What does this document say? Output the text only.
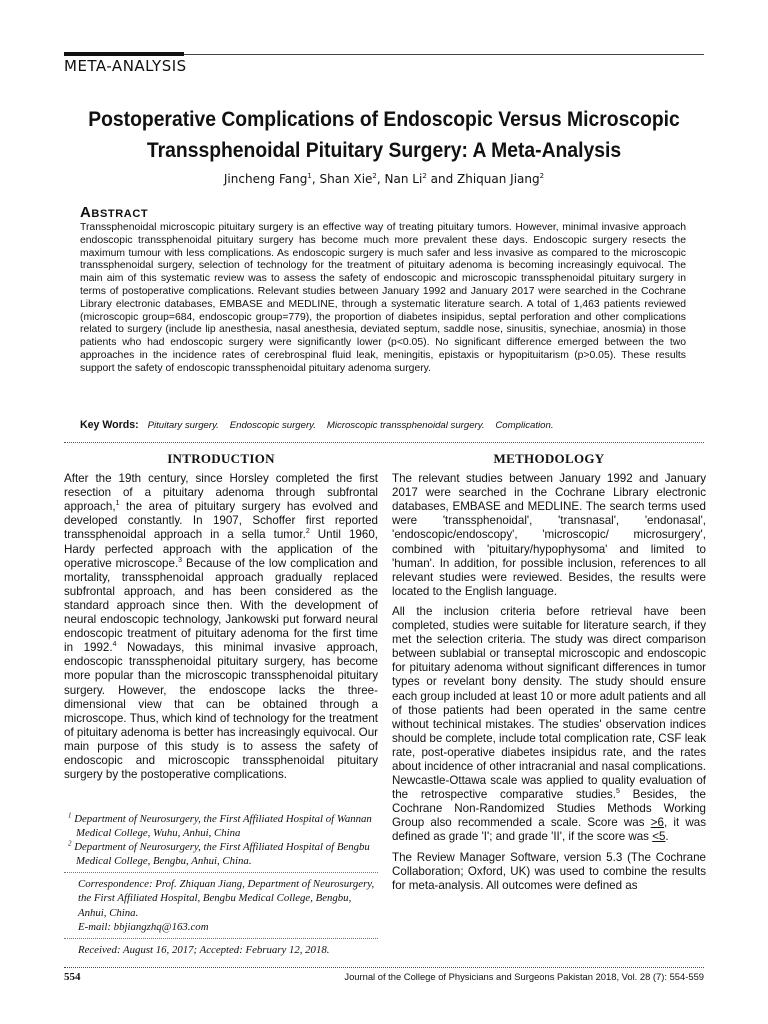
META-ANALYSIS
Postoperative Complications of Endoscopic Versus Microscopic
Transsphenoidal Pituitary Surgery: A Meta-Analysis
Jincheng Fang$^1$, Shan Xie$^2$, Nan Li$^2$ and Zhiquan Jiang$^2$
Abstract
Transsphenoidal microscopic pituitary surgery is an effective way of treating pituitary tumors. However, minimal invasive approach endoscopic transsphenoidal pituitary surgery has become much more prevalent these days. Endoscopic surgery resects the maximum tumour with less complications. As endoscopic surgery is much safer and less invasive as compared to the microscopic transsphenoidal surgery, selection of technology for the treatment of pituitary adenoma is becoming increasingly equivocal. The main aim of this systematic review was to assess the safety of endoscopic and microscopic transsphenoidal pituitary surgery in terms of postoperative complications. Relevant studies between January 1992 and January 2017 were searched in the Cochrane Library electronic databases, EMBASE and MEDLINE, through a systematic literature search. A total of 1,463 patients reviewed (microscopic group=684, endoscopic group=779), the proportion of diabetes insipidus, septal perforation and other complications related to surgery (include lip anesthesia, nasal anesthesia, deviated septum, saddle nose, sinusitis, synechiae, anosmia) in those patients who had endoscopic surgery were significantly lower (p<0.05). No significant difference emerged between the two approaches in the incidence rates of cerebrospinal fluid leak, meningitis, epistaxis or hypopituitarism (p>0.05). These results support the safety of endoscopic transsphenoidal pituitary adenoma surgery.
Key Words: Pituitary surgery. Endoscopic surgery. Microscopic transsphenoidal surgery. Complication.
INTRODUCTION

After the 19th century, since Horsley completed the first resection of a pituitary adenoma through subfrontal approach,$^1$ the area of pituitary surgery has evolved and developed constantly. In 1907, Schoffer first reported transsphenoidal approach in a sella tumor.$^2$ Until 1960, Hardy perfected approach with the application of the operative microscope.$^3$ Because of the low complication and mortality, transsphenoidal approach gradually replaced subfrontal approach, and has been considered as the standard approach since then. With the development of neural endoscopic technology, Jankowski put forward neural endoscopic treatment of pituitary adenoma for the first time in 1992.$^4$ Nowadays, this minimal invasive approach, endoscopic transsphenoidal pituitary surgery, has become more popular than the microscopic transsphenoidal pituitary surgery. However, the endoscope lacks the three-dimensional view that can be obtained through a microscope. Thus, which kind of technology for the treatment of pituitary adenoma is better has increasingly equivocal. Our main purpose of this study is to assess the safety of endoscopic and microscopic transsphenoidal pituitary surgery by the postoperative complications.

$^1$ Department of Neurosurgery, the First Affiliated Hospital of Wannan Medical College, Wuhu, Anhui, China
$^2$ Department of Neurosurgery, the First Affiliated Hospital of Bengbu Medical College, Bengbu, Anhui, China.
Correspondence: Prof. Zhiquan Jiang, Department of Neurosurgery, the First Affiliated Hospital, Bengbu Medical College, Bengbu, Anhui, China.
E-mail: bbjiangzhq@163.com
Received: August 16, 2017; Accepted: February 12, 2018.
METHODOLOGY

The relevant studies between January 1992 and January 2017 were searched in the Cochrane Library electronic databases, EMBASE and MEDLINE. The search terms used were 'transsphenoidal', 'transnasal', 'endonasal', 'endoscopic/endoscopy', 'microscopic/ microsurgery', combined with 'pituitary/hypophysoma' and limited to 'human'. In addition, for possible inclusion, references to all relevant studies were reviewed. Besides, the results were located to the English language.

All the inclusion criteria before retrieval have been completed, studies were suitable for literature search, if they met the selection criteria. The study was direct comparison between sublabial or transeptal microscopic and endoscopic for pituitary adenoma without significant differences in tumor types or revelant bony density. The study should ensure each group included at least 10 or more adult patients and all of those patients had been operated in the same centre without techinical mistakes. The studies' observation indices should be complete, include total complication rate, CSF leak rate, post-operative diabetes insipidus rate, and the rates about incidence of other intracranial and nasal complications. Newcastle-Ottawa scale was applied to quality evaluation of the retrospective comparative studies.$^5$ Besides, the Cochrane Non-Randomized Studies Methods Working Group also recommended a scale. Score was >6, it was defined as grade 'I'; and grade 'II', if the score was <5.

The Review Manager Software, version 5.3 (The Cochrane Collaboration; Oxford, UK) was used to combine the results for meta-analysis. All outcomes were defined as

554	Journal of the College of Physicians and Surgeons Pakistan 2018, Vol. 28 (7): 554-559
